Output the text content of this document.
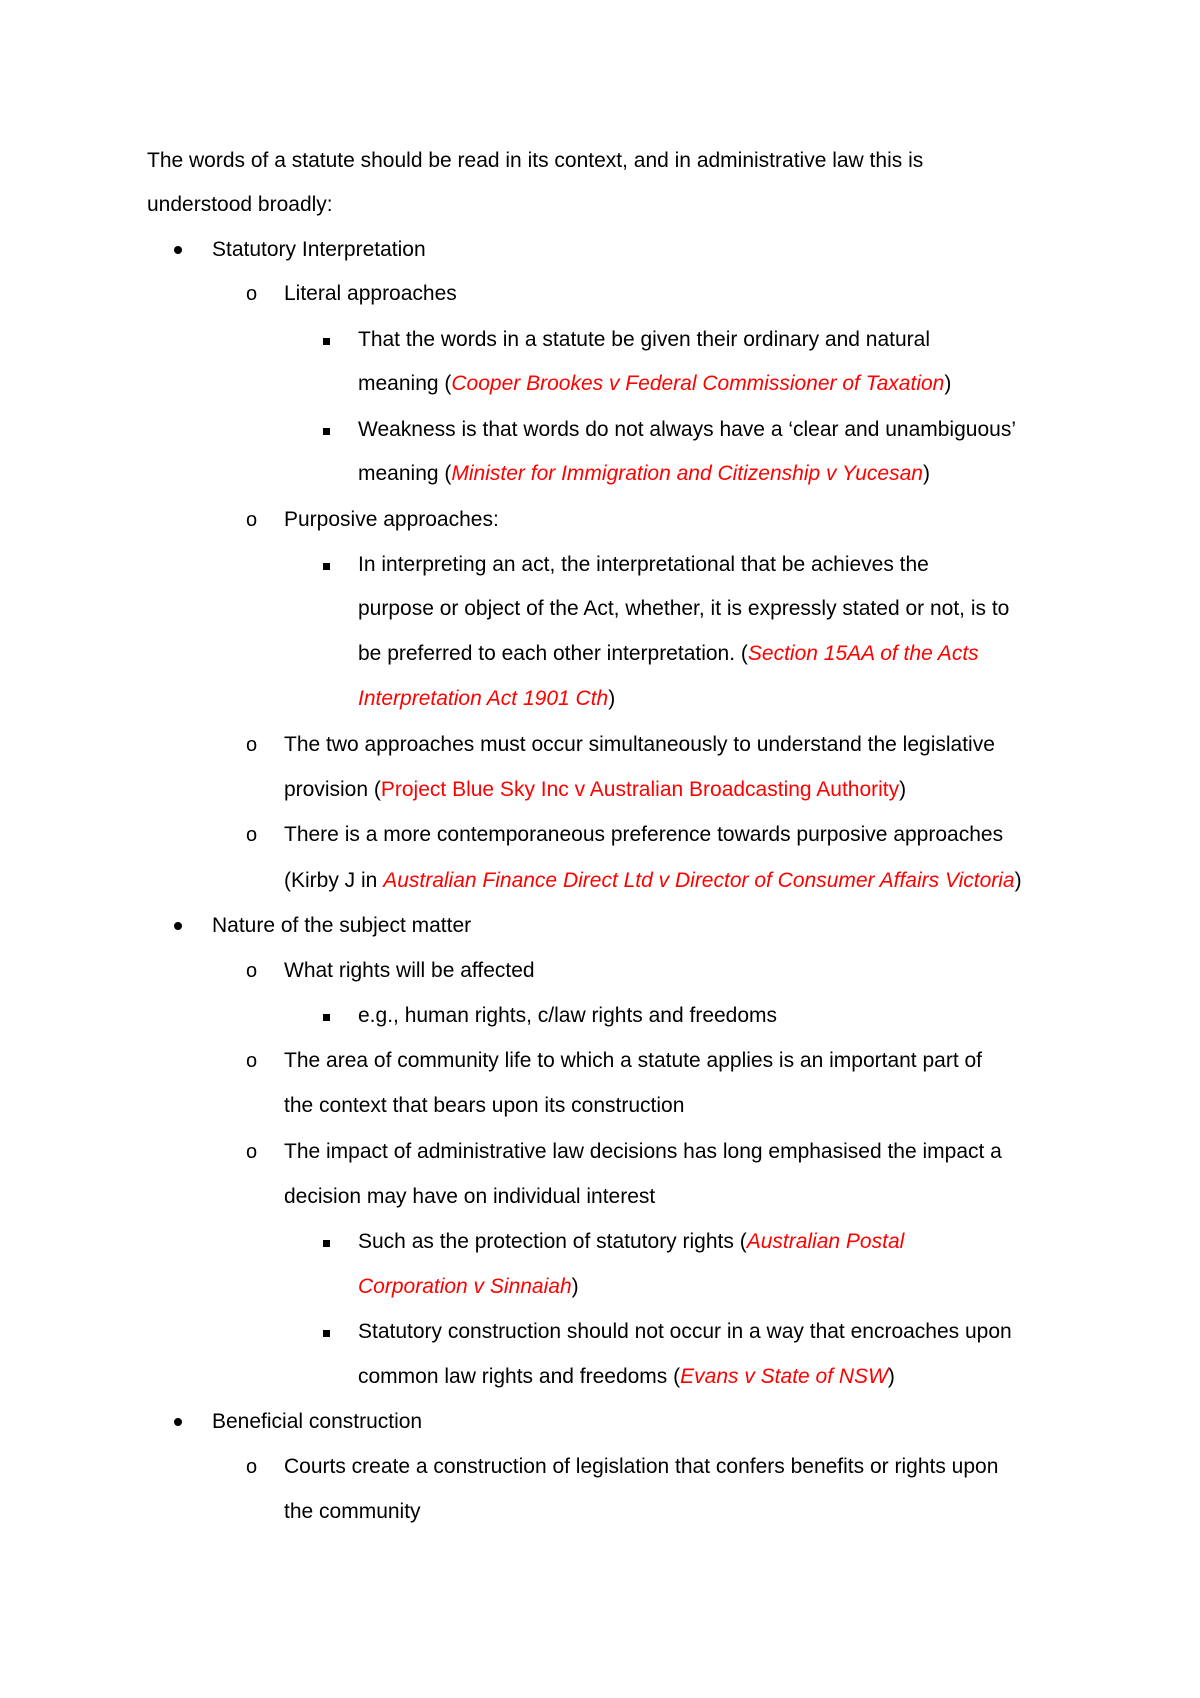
The words of a statute should be read in its context, and in administrative law this is
understood broadly:
Statutory Interpretation
o Literal approaches
That the words in a statute be given their ordinary and natural
meaning (Cooper Brookes v Federal Commissioner of Taxation)
Weakness is that words do not always have a ‘clear and unambiguous’
meaning (Minister for Immigration and Citizenship v Yucesan)
o Purposive approaches:
In interpreting an act, the interpretational that be achieves the
purpose or object of the Act, whether, it is expressly stated or not, is to
be preferred to each other interpretation. (Section 15AA of the Acts
Interpretation Act 1901 Cth)
o The two approaches must occur simultaneously to understand the legislative
provision (Project Blue Sky Inc v Australian Broadcasting Authority)
o There is a more contemporaneous preference towards purposive approaches
(Kirby J in Australian Finance Direct Ltd v Director of Consumer Affairs Victoria)
Nature of the subject matter
o What rights will be affected
e.g., human rights, c/law rights and freedoms
o The area of community life to which a statute applies is an important part of
the context that bears upon its construction
o The impact of administrative law decisions has long emphasised the impact a
decision may have on individual interest
Such as the protection of statutory rights (Australian Postal
Corporation v Sinnaiah)
Statutory construction should not occur in a way that encroaches upon
common law rights and freedoms (Evans v State of NSW)
Beneficial construction
o Courts create a construction of legislation that confers benefits or rights upon
the community
